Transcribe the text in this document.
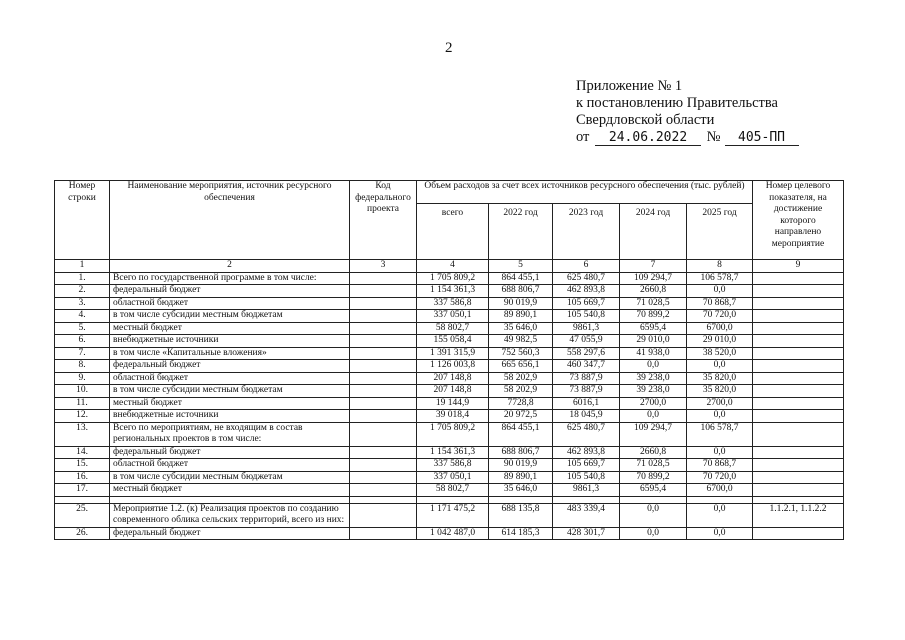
2
Приложение № 1
к постановлению Правительства
Свердловской области
от 24.06.2022 № 405-ПП
Номер строки	Наименование мероприятия, источник ресурсного обеспечения	Код федерального проекта	Объем расходов за счет всех источников ресурсного обеспечения (тыс. рублей)					Номер целевого показателя, на достижение которого направлено мероприятие
			всего	2022 год	2023 год	2024 год	2025 год	
1	2	3	4	5	6	7	8	9
1.	Всего по государственной программе в том числе:		1 705 809,2	864 455,1	625 480,7	109 294,7	106 578,7	
2.	федеральный бюджет		1 154 361,3	688 806,7	462 893,8	2660,8	0,0	
3.	областной бюджет		337 586,8	90 019,9	105 669,7	71 028,5	70 868,7	
4.	в том числе субсидии местным бюджетам		337 050,1	89 890,1	105 540,8	70 899,2	70 720,0	
5.	местный бюджет		58 802,7	35 646,0	9861,3	6595,4	6700,0	
6.	внебюджетные источники		155 058,4	49 982,5	47 055,9	29 010,0	29 010,0	
7.	в том числе «Капитальные вложения»		1 391 315,9	752 560,3	558 297,6	41 938,0	38 520,0	
8.	федеральный бюджет		1 126 003,8	665 656,1	460 347,7	0,0	0,0	
9.	областной бюджет		207 148,8	58 202,9	73 887,9	39 238,0	35 820,0	
10.	в том числе субсидии местным бюджетам		207 148,8	58 202,9	73 887,9	39 238,0	35 820,0	
11.	местный бюджет		19 144,9	7728,8	6016,1	2700,0	2700,0	
12.	внебюджетные источники		39 018,4	20 972,5	18 045,9	0,0	0,0	
13.	Всего по мероприятиям, не входящим в состав региональных проектов в том числе:		1 705 809,2	864 455,1	625 480,7	109 294,7	106 578,7	
14.	федеральный бюджет		1 154 361,3	688 806,7	462 893,8	2660,8	0,0	
15.	областной бюджет		337 586,8	90 019,9	105 669,7	71 028,5	70 868,7	
16.	в том числе субсидии местным бюджетам		337 050,1	89 890,1	105 540,8	70 899,2	70 720,0	
17.	местный бюджет		58 802,7	35 646,0	9861,3	6595,4	6700,0	

25.	Мероприятие 1.2. (к) Реализация проектов по созданию современного облика сельских территорий, всего из них:		1 171 475,2	688 135,8	483 339,4	0,0	0,0	1.1.2.1, 1.1.2.2
26.	федеральный бюджет		1 042 487,0	614 185,3	428 301,7	0,0	0,0	
